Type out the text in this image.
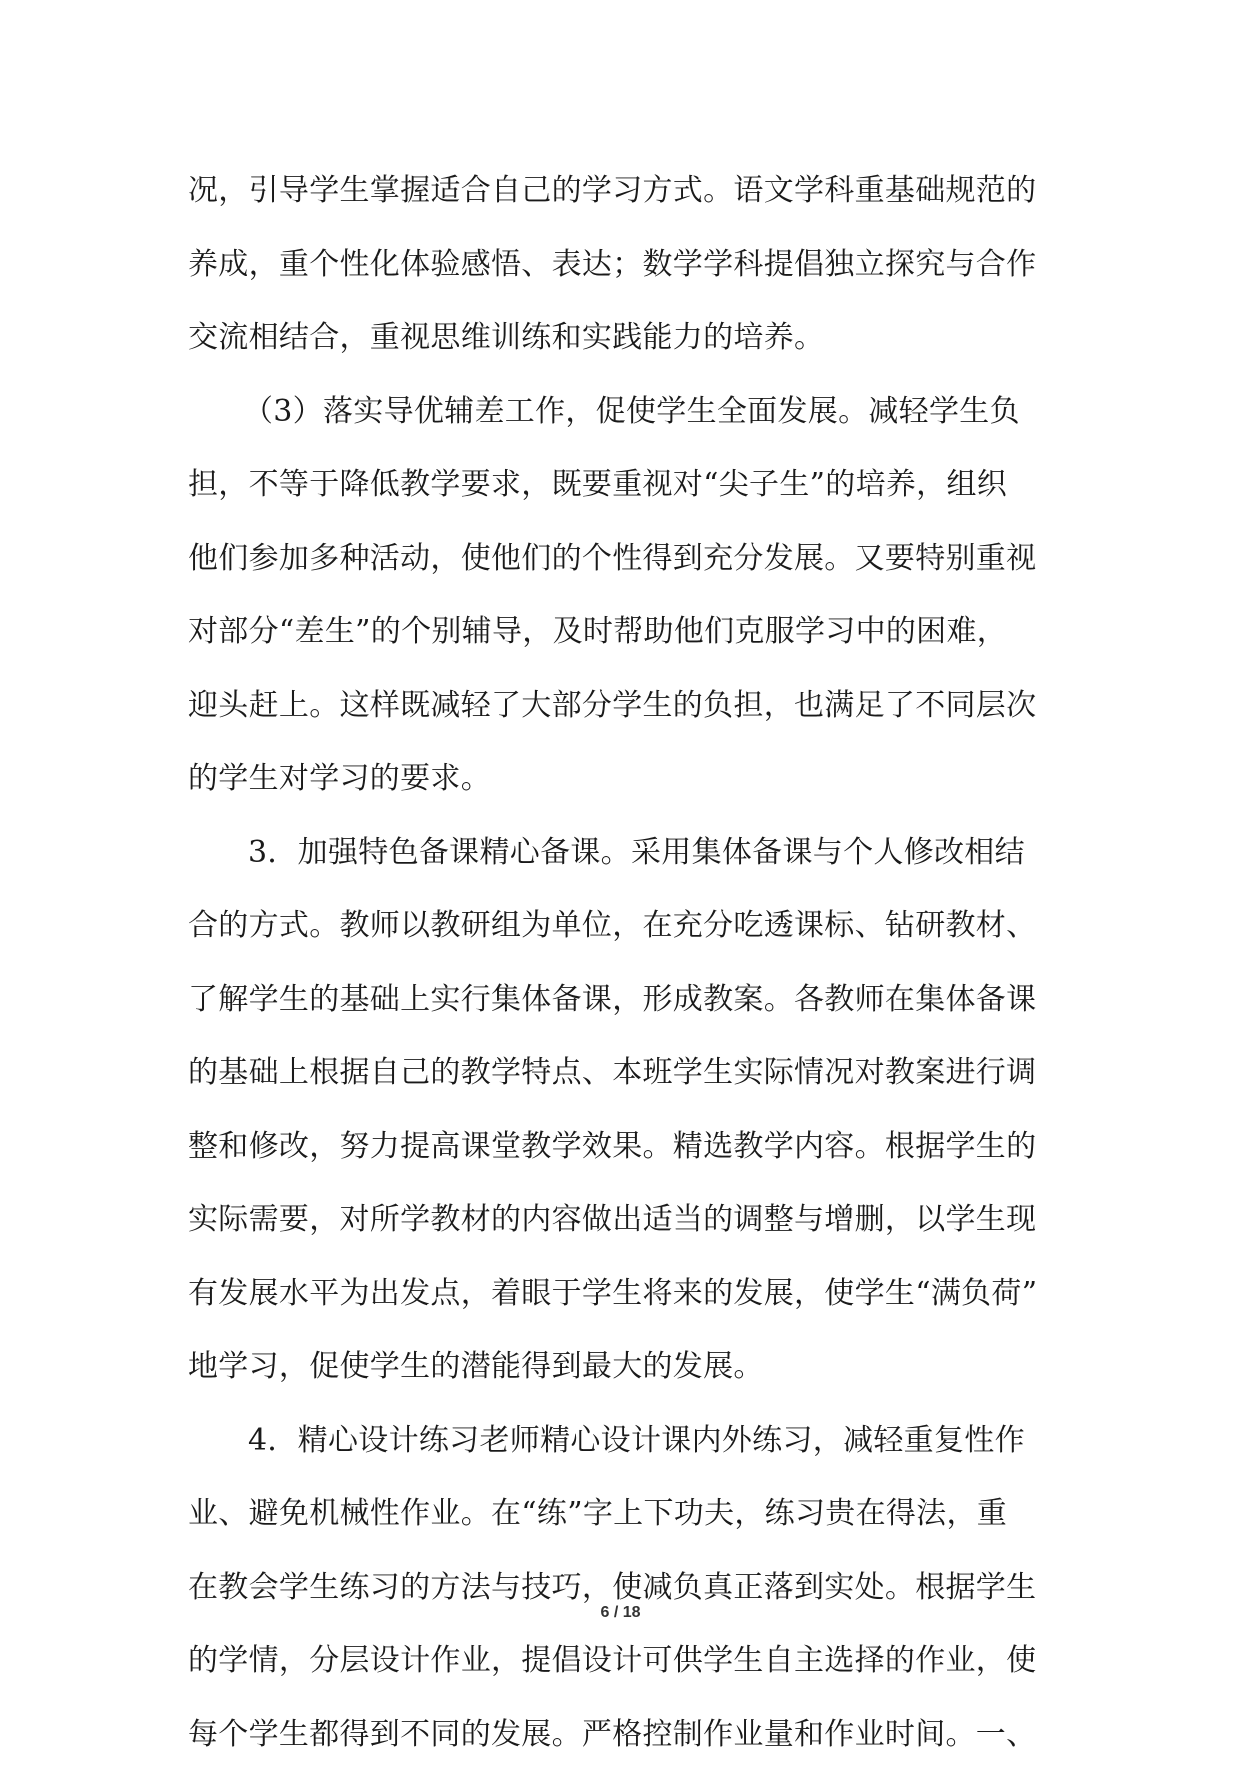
况，引导学生掌握适合自己的学习方式。语文学科重基础规范的
养成，重个性化体验感悟、表达；数学学科提倡独立探究与合作
交流相结合，重视思维训练和实践能力的培养。
（3）落实导优辅差工作，促使学生全面发展。减轻学生负
担，不等于降低教学要求，既要重视对“尖子生”的培养，组织
他们参加多种活动，使他们的个性得到充分发展。又要特别重视
对部分“差生”的个别辅导，及时帮助他们克服学习中的困难，
迎头赶上。这样既减轻了大部分学生的负担，也满足了不同层次
的学生对学习的要求。
3．加强特色备课精心备课。采用集体备课与个人修改相结
合的方式。教师以教研组为单位，在充分吃透课标、钻研教材、
了解学生的基础上实行集体备课，形成教案。各教师在集体备课
的基础上根据自己的教学特点、本班学生实际情况对教案进行调
整和修改，努力提高课堂教学效果。精选教学内容。根据学生的
实际需要，对所学教材的内容做出适当的调整与增删，以学生现
有发展水平为出发点，着眼于学生将来的发展，使学生“满负荷”
地学习，促使学生的潜能得到最大的发展。
4．精心设计练习老师精心设计课内外练习，减轻重复性作
业、避免机械性作业。在“练”字上下功夫，练习贵在得法，重
在教会学生练习的方法与技巧，使减负真正落到实处。根据学生
的学情，分层设计作业，提倡设计可供学生自主选择的作业，使
每个学生都得到不同的发展。严格控制作业量和作业时间。一、
6 / 18
